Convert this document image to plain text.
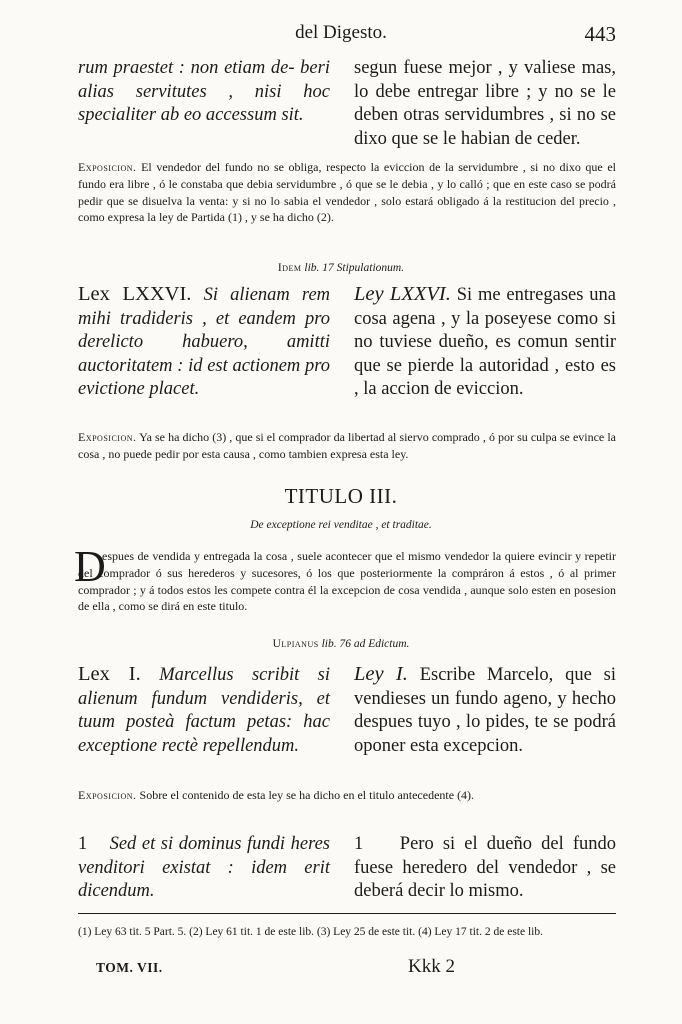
del Digesto.	443
rum praestet : non etiam de- beri alias servitutes , nisi hoc specialiter ab eo accessum sit.
segun fuese mejor , y valiese mas, lo debe entregar libre ; y no se le deben otras servidumbres , si no se dixo que se le habian de ceder.
Exposicion. El vendedor del fundo no se obliga, respecto la eviccion de la servidumbre , si no dixo que el fundo era libre , ó le constaba que debia servidumbre , ó que se le debia , y lo calló ; que en este caso se podrá pedir que se disuelva la venta: y si no lo sabia el vendedor , solo estará obligado á la restitucion del precio , como expresa la ley de Partida (1) , y se ha dicho (2).
Idem lib. 17 Stipulationum.
Lex LXXVI. Si alienam rem mihi tradideris , et eandem pro derelicto habuero, amitti auctoritatem : id est actionem pro evictione placet.
Ley LXXVI. Si me entregases una cosa agena , y la poseyese como si no tuviese dueño, es comun sentir que se pierde la autoridad , esto es , la accion de eviccion.
Exposicion. Ya se ha dicho (3) , que si el comprador da libertad al siervo comprado , ó por su culpa se evince la cosa , no puede pedir por esta causa , como tambien expresa esta ley.
TITULO III.
De exceptione rei venditae , et traditae.
D
espues de vendida y entregada la cosa , suele acontecer que el mismo vendedor la quiere evincir y repetir del comprador ó sus herederos y sucesores, ó los que posteriormente la compráron á estos , ó al primer comprador ; y á todos estos les compete contra él la excepcion de cosa vendida , aunque solo esten en posesion de ella , como se dirá en este titulo.
Ulpianus lib. 76 ad Edictum.
Lex I. Marcellus scribit si alienum fundum vendideris, et tuum posteà factum petas: hac exceptione rectè repellendum.
Ley I. Escribe Marcelo, que si vendieses un fundo ageno, y hecho despues tuyo , lo pides, te se podrá oponer esta excepcion.
Exposicion. Sobre el contenido de esta ley se ha dicho en el titulo antecedente (4).
1 Sed et si dominus fundi heres venditori existat : idem erit dicendum.
1 Pero si el dueño del fundo fuese heredero del vendedor , se deberá decir lo mismo.
(1) Ley 63 tit. 5 Part. 5. (2) Ley 61 tit. 1 de este lib. (3) Ley 25 de este tit. (4) Ley 17 tit. 2 de este lib.
TOM. VII.	Kkk 2
